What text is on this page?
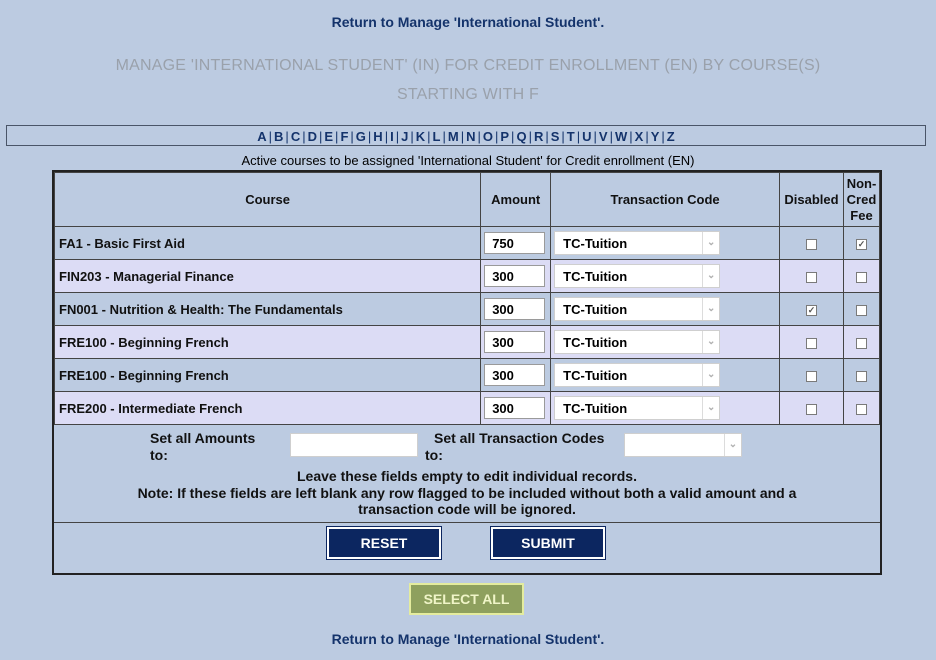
Return to Manage 'International Student'.
MANAGE 'INTERNATIONAL STUDENT' (IN) FOR CREDIT ENROLLMENT (EN) BY COURSE(S)
STARTING WITH F
A | B | C | D | E | F | G | H | I | J | K | L | M | N | O | P | Q | R | S | T | U | V | W | X | Y | Z
Active courses to be assigned 'International Student' for Credit enrollment (EN)
Course	Amount	Transaction Code	Disabled	Non-Cred Fee
FA1 - Basic First Aid	750	TC-Tuition ⌄		✓
FIN203 - Managerial Finance	300	TC-Tuition ⌄		

FN001 - Nutrition & Health: The Fundamentals	300	TC-Tuition ⌄	✓	
FRE100 - Beginning French	300	TC-Tuition ⌄		

FRE100 - Beginning French	300	TC-Tuition ⌄		

FRE200 - Intermediate French	300	TC-Tuition ⌄		

Set all Amounts
to:
Set all Transaction Codes
to:
⌄
Leave these fields empty to edit individual records.
Note: If these fields are left blank any row flagged to be included without both a valid amount and a
transaction code will be ignored.
RESET	SUBMIT
SELECT ALL
Return to Manage 'International Student'.
